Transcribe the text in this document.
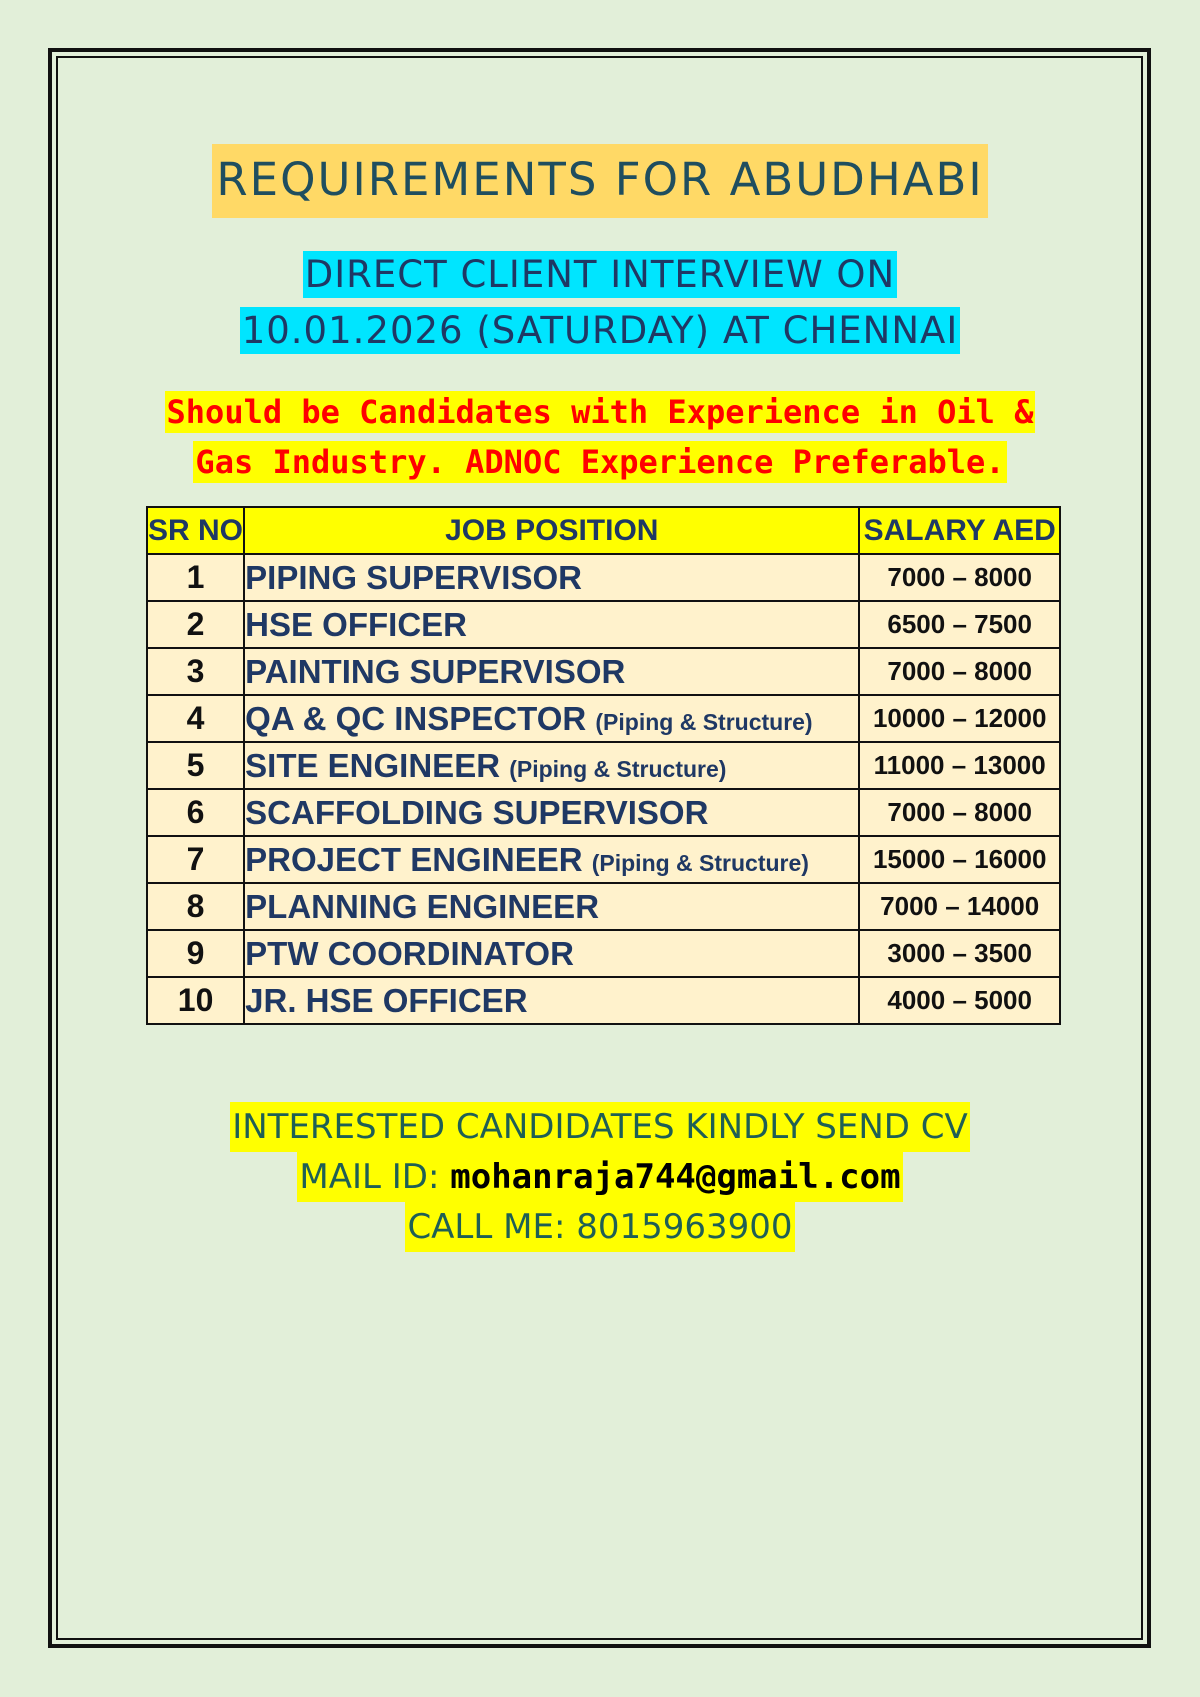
REQUIREMENTS FOR ABUDHABI
DIRECT CLIENT INTERVIEW ON
10.01.2026 (SATURDAY) AT CHENNAI
Should be Candidates with Experience in Oil &
Gas Industry. ADNOC Experience Preferable.
SR NO	JOB POSITION	SALARY AED
1	PIPING SUPERVISOR	7000 – 8000
2	HSE OFFICER	6500 – 7500
3	PAINTING SUPERVISOR	7000 – 8000
4	QA & QC INSPECTOR (Piping & Structure)	10000 – 12000
5	SITE ENGINEER (Piping & Structure)	11000 – 13000
6	SCAFFOLDING SUPERVISOR	7000 – 8000
7	PROJECT ENGINEER (Piping & Structure)	15000 – 16000
8	PLANNING ENGINEER	7000 – 14000
9	PTW COORDINATOR	3000 – 3500
10	JR. HSE OFFICER	4000 – 5000
INTERESTED CANDIDATES KINDLY SEND CV
MAIL ID: mohanraja744@gmail.com
CALL ME: 8015963900
